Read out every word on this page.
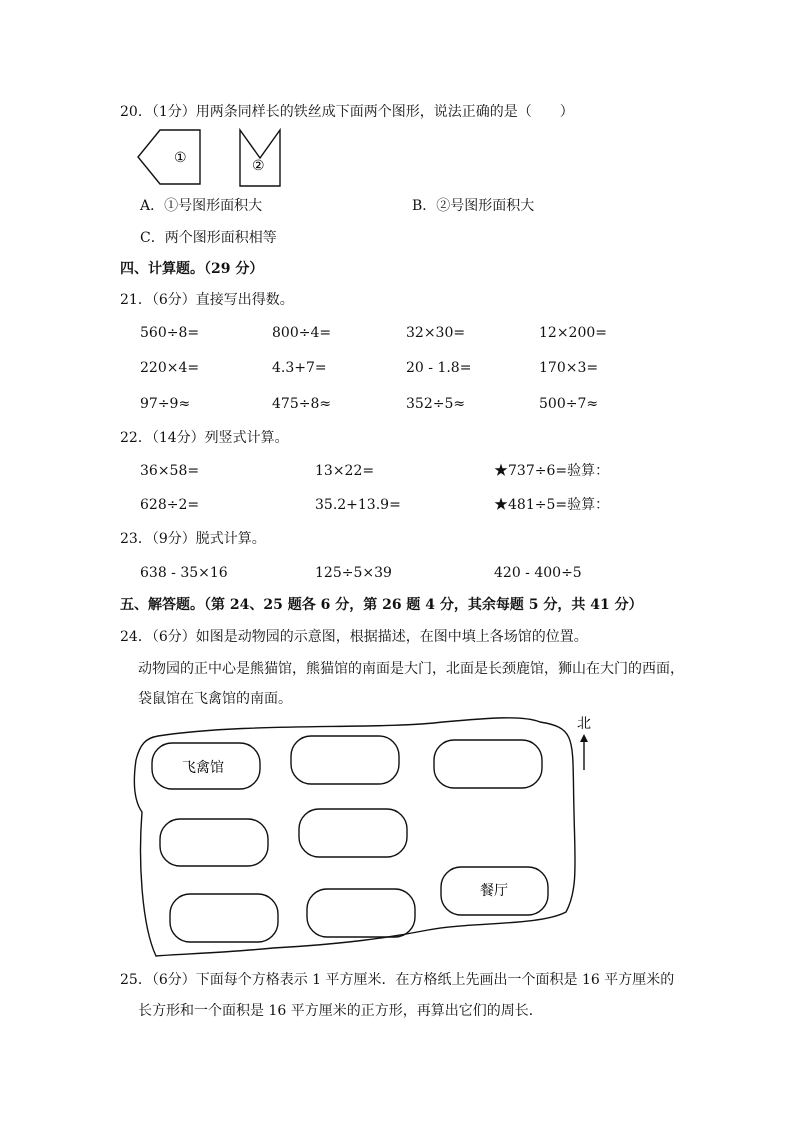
20．（1分）用两条同样长的铁丝成下面两个图形，说法正确的是（　　）
①	②
A．①号图形面积大	B．②号图形面积大
C．两个图形面积相等
四、计算题。（29 分）
21．（6分）直接写出得数。
560÷8=	800÷4=	32×30=	12×200=
220×4=	4.3+7=	20 - 1.8=	170×3=
97÷9≈	475÷8≈	352÷5≈	500÷7≈
22．（14分）列竖式计算。
36×58=	13×22=	★737÷6=验算：
628÷2=	35.2+13.9=	★481÷5=验算：
23．（9分）脱式计算。
638 - 35×16	125÷5×39	420 - 400÷5
五、解答题。（第 24、25 题各 6 分，第 26 题 4 分，其余每题 5 分，共 41 分）
24．（6分）如图是动物园的示意图，根据描述，在图中填上各场馆的位置。
动物园的正中心是熊猫馆，熊猫馆的南面是大门，北面是长颈鹿馆，狮山在大门的西面，
袋鼠馆在飞禽馆的南面。
北
飞禽馆
餐厅
25．（6分）下面每个方格表示 1 平方厘米．在方格纸上先画出一个面积是 16 平方厘米的
长方形和一个面积是 16 平方厘米的正方形，再算出它们的周长．
